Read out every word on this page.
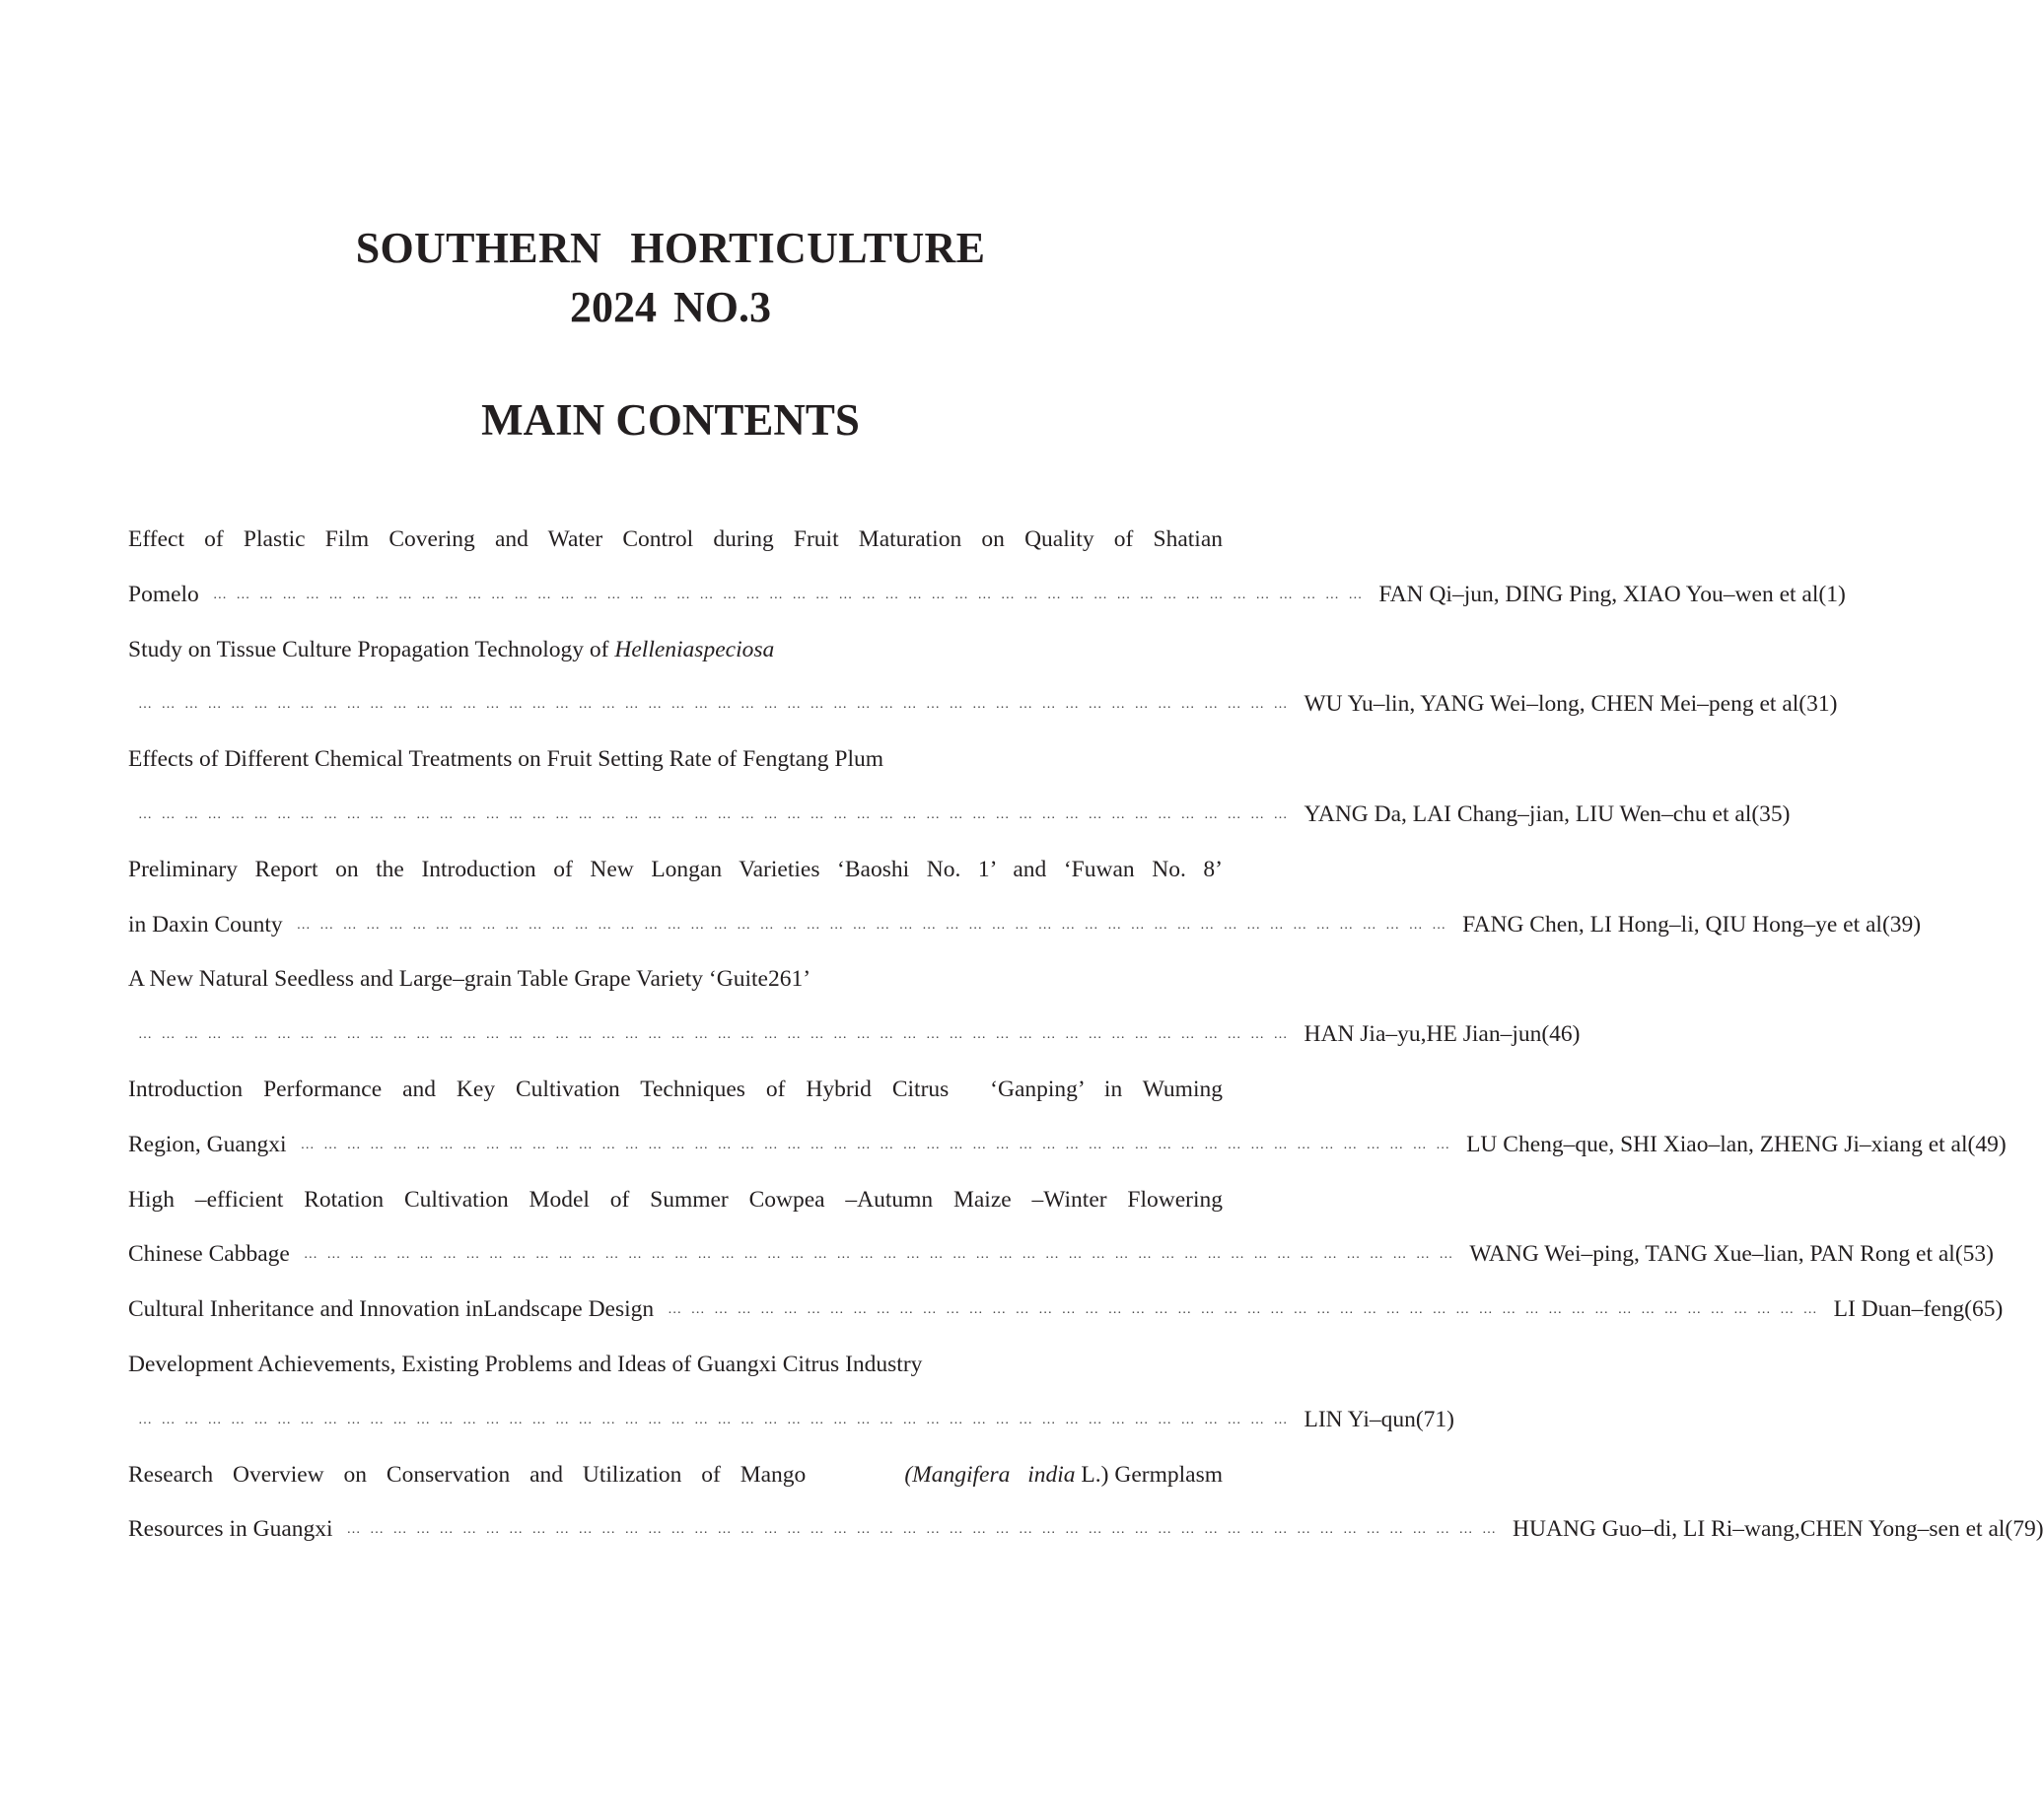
SOUTHERN HORTICULTURE
2024 NO.3
MAIN CONTENTS
Effect of Plastic Film Covering and Water Control during Fruit Maturation on Quality of Shatian
Pomelo … … … … … … … … … … … … … … … … … … … … … … … … … … … … … … … … … … … … … … … … … … … … … … … … … … FAN Qi–jun, DING Ping, XIAO You–wen et al(1)
Study on Tissue Culture Propagation Technology of Helleniaspeciosa
… … … … … … … … … … … … … … … … … … … … … … … … … … … … … … … … … … … … … … … … … … … … … … … … … … WU Yu–lin, YANG Wei–long, CHEN Mei–peng et al(31)
Effects of Different Chemical Treatments on Fruit Setting Rate of Fengtang Plum
… … … … … … … … … … … … … … … … … … … … … … … … … … … … … … … … … … … … … … … … … … … … … … … … … … YANG Da, LAI Chang–jian, LIU Wen–chu et al(35)
Preliminary Report on the Introduction of New Longan Varieties ‘Baoshi No. 1’ and ‘Fuwan No. 8’
in Daxin County … … … … … … … … … … … … … … … … … … … … … … … … … … … … … … … … … … … … … … … … … … … … … … … … … … FANG Chen, LI Hong–li, QIU Hong–ye et al(39)
A New Natural Seedless and Large–grain Table Grape Variety ‘Guite261’
… … … … … … … … … … … … … … … … … … … … … … … … … … … … … … … … … … … … … … … … … … … … … … … … … … HAN Jia–yu,HE Jian–jun(46)
Introduction Performance and Key Cultivation Techniques of Hybrid Citrus  ‘Ganping’ in Wuming
Region, Guangxi … … … … … … … … … … … … … … … … … … … … … … … … … … … … … … … … … … … … … … … … … … … … … … … … … … LU Cheng–que, SHI Xiao–lan, ZHENG Ji–xiang et al(49)
High –efficient Rotation Cultivation Model of Summer Cowpea –Autumn Maize –Winter Flowering
Chinese Cabbage … … … … … … … … … … … … … … … … … … … … … … … … … … … … … … … … … … … … … … … … … … … … … … … … … … WANG Wei–ping, TANG Xue–lian, PAN Rong et al(53)
Cultural Inheritance and Innovation inLandscape Design … … … … … … … … … … … … … … … … … … … … … … … … … … … … … … … … … … … … … … … … … … … … … … … … … … LI Duan–feng(65)
Development Achievements, Existing Problems and Ideas of Guangxi Citrus Industry
… … … … … … … … … … … … … … … … … … … … … … … … … … … … … … … … … … … … … … … … … … … … … … … … … … LIN Yi–qun(71)
Research Overview on Conservation and Utilization of Mango	(Mangifera india L.) Germplasm
Resources in Guangxi … … … … … … … … … … … … … … … … … … … … … … … … … … … … … … … … … … … … … … … … … … … … … … … … … … HUANG Guo–di, LI Ri–wang,CHEN Yong–sen et al(79)
